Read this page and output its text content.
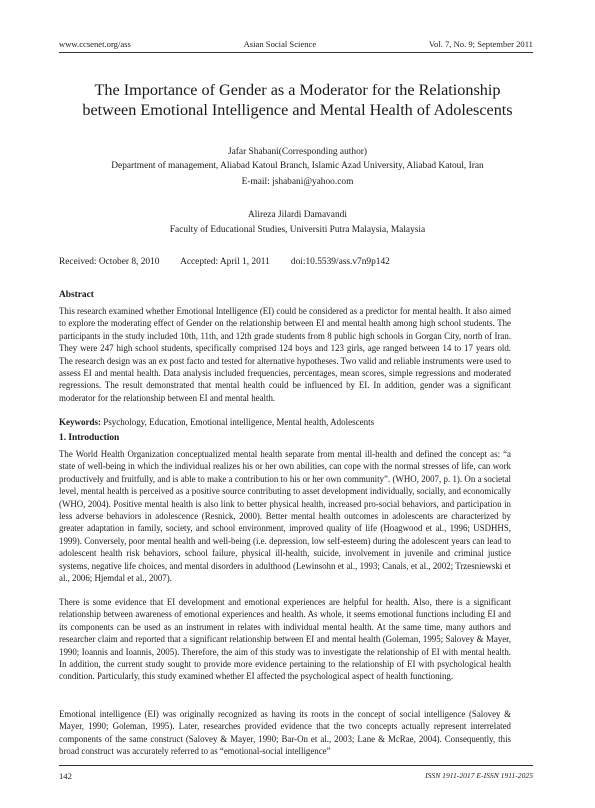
www.ccsenet.org/ass	Asian Social Science	Vol. 7, No. 9; September 2011
The Importance of Gender as a Moderator for the Relationship
between Emotional Intelligence and Mental Health of Adolescents
Jafar Shabani(Corresponding author)
Department of management, Aliabad Katoul Branch, Islamic Azad University, Aliabad Katoul, Iran
E-mail: jshabani@yahoo.com
Alireza Jilardi Damavandi
Faculty of Educational Studies, Universiti Putra Malaysia, Malaysia
Received: October 8, 2010 Accepted: April 1, 2011 doi:10.5539/ass.v7n9p142
Abstract
This research examined whether Emotional Intelligence (EI) could be considered as a predictor for mental health. It also aimed to explore the moderating effect of Gender on the relationship between EI and mental health among high school students. The participants in the study included 10th, 11th, and 12th grade students from 8 public high schools in Gorgan City, north of Iran. They were 247 high school students, specifically comprised 124 boys and 123 girls, age ranged between 14 to 17 years old. The research design was an ex post facto and tested for alternative hypotheses. Two valid and reliable instruments were used to assess EI and mental health. Data analysis included frequencies, percentages, mean scores, simple regressions and moderated regressions. The result demonstrated that mental health could be influenced by EI. In addition, gender was a significant moderator for the relationship between EI and mental health.
Keywords: Psychology, Education, Emotional intelligence, Mental health, Adolescents
1. Introduction
The World Health Organization conceptualized mental health separate from mental ill-health and defined the concept as: “a state of well-being in which the individual realizes his or her own abilities, can cope with the normal stresses of life, can work productively and fruitfully, and is able to make a contribution to his or her own community”. (WHO, 2007, p. 1). On a societal level, mental health is perceived as a positive source contributing to asset development individually, socially, and economically (WHO, 2004). Positive mental health is also link to better physical health, increased pro-social behaviors, and participation in less adverse behaviors in adolescence (Resnick, 2000). Better mental health outcomes in adolescents are characterized by greater adaptation in family, society, and school environment, improved quality of life (Hoagwood et al., 1996; USDHHS, 1999). Conversely, poor mental health and well-being (i.e. depression, low self-esteem) during the adolescent years can lead to adolescent health risk behaviors, school failure, physical ill-health, suicide, involvement in juvenile and criminal justice systems, negative life choices, and mental disorders in adulthood (Lewinsohn et al., 1993; Canals, et al., 2002; Trzesniewski et al., 2006; Hjemdal et al., 2007).
There is some evidence that EI development and emotional experiences are helpful for health. Also, there is a significant relationship between awareness of emotional experiences and health. As whole, it seems emotional functions including EI and its components can be used as an instrument in relates with individual mental health. At the same time, many authors and researcher claim and reported that a significant relationship between EI and mental health (Goleman, 1995; Salovey & Mayer, 1990; Ioannis and Ioannis, 2005). Therefore, the aim of this study was to investigate the relationship of EI with mental health. In addition, the current study sought to provide more evidence pertaining to the relationship of EI with psychological health condition. Particularly, this study examined whether EI affected the psychological aspect of health functioning.
Emotional intelligence (EI) was originally recognized as having its roots in the concept of social intelligence (Salovey & Mayer, 1990; Goleman, 1995). Later, researches provided evidence that the two concepts actually represent interrelated components of the same construct (Salovey & Mayer, 1990; Bar-On et al., 2003; Lane & McRae, 2004). Consequently, this broad construct was accurately referred to as “emotional-social intelligence”
142	ISSN 1911-2017 E-ISSN 1911-2025
